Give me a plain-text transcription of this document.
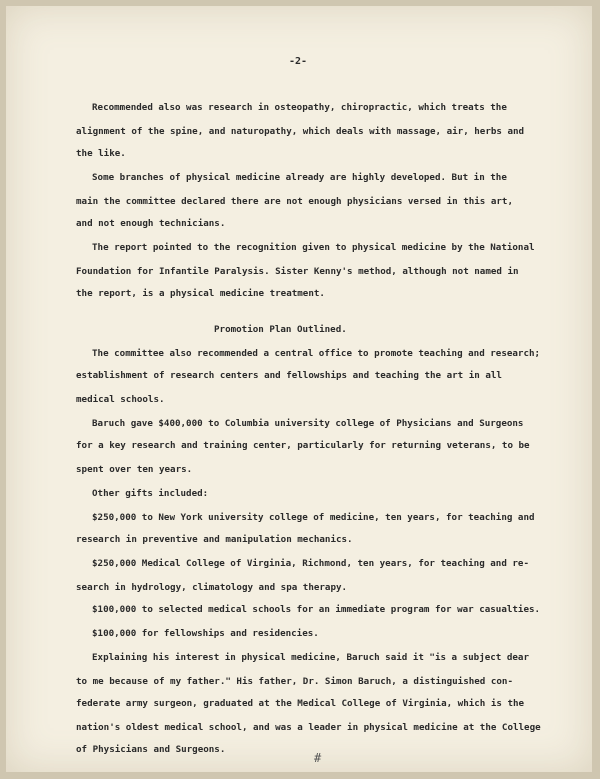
-2-
Recommended also was research in osteopathy, chiropractic, which treats the
alignment of the spine, and naturopathy, which deals with massage, air, herbs and
the like.
Some branches of physical medicine already are highly developed. But in the
main the committee declared there are not enough physicians versed in this art,
and not enough technicians.
The report pointed to the recognition given to physical medicine by the National
Foundation for Infantile Paralysis. Sister Kenny's method, although not named in
the report, is a physical medicine treatment.
Promotion Plan Outlined.
The committee also recommended a central office to promote teaching and research;
establishment of research centers and fellowships and teaching the art in all
medical schools.
Baruch gave $400,000 to Columbia university college of Physicians and Surgeons
for a key research and training center, particularly for returning veterans, to be
spent over ten years.
Other gifts included:
$250,000 to New York university college of medicine, ten years, for teaching and
research in preventive and manipulation mechanics.
$250,000 Medical College of Virginia, Richmond, ten years, for teaching and re-
search in hydrology, climatology and spa therapy.
$100,000 to selected medical schools for an immediate program for war casualties.
$100,000 for fellowships and residencies.
Explaining his interest in physical medicine, Baruch said it "is a subject dear
to me because of my father." His father, Dr. Simon Baruch, a distinguished con-
federate army surgeon, graduated at the Medical College of Virginia, which is the
nation's oldest medical school, and was a leader in physical medicine at the College
of Physicians and Surgeons.
#
